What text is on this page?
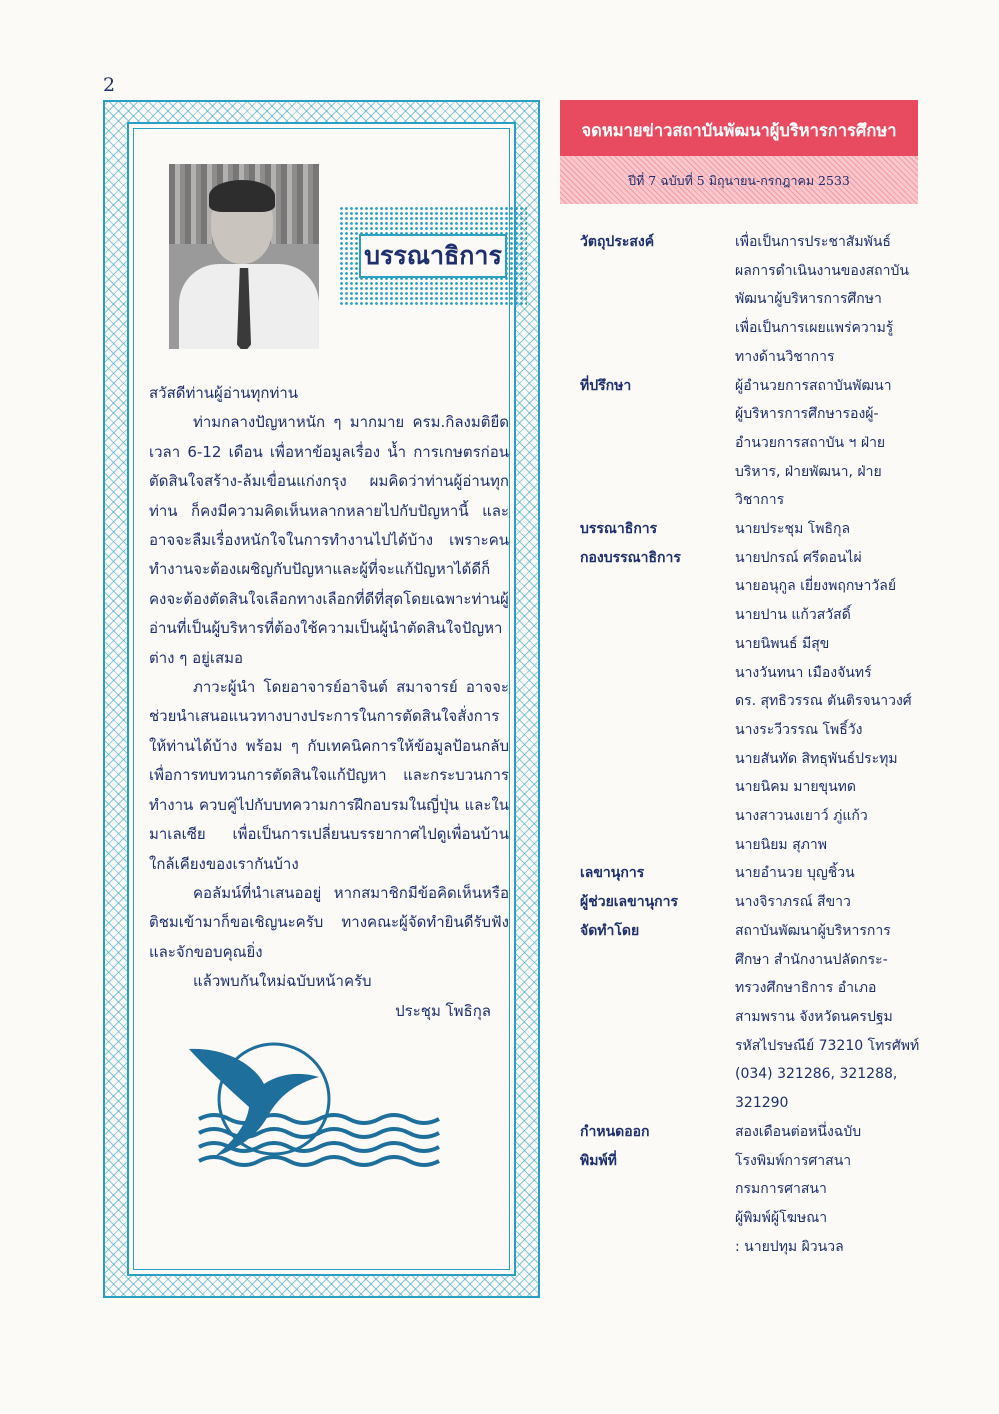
2
บรรณาธิการ

สวัสดีท่านผู้อ่านทุกท่าน

ท่ามกลางปัญหาหนัก ๆ มากมาย ครม.กิลงมติยืดเวลา 6-12 เดือน เพื่อหาข้อมูลเรื่อง น้ำ การเกษตรก่อนตัดสินใจสร้าง-ล้มเขื่อนแก่งกรุง ผมคิดว่าท่านผู้อ่านทุกท่าน ก็คงมีความคิดเห็นหลากหลายไปกับปัญหานี้ และอาจจะลืมเรื่องหนักใจในการทำงานไปได้บ้าง เพราะคนทำงานจะต้องเผชิญกับปัญหาและผู้ที่จะแก้ปัญหาได้ดีก็คงจะต้องตัดสินใจเลือกทางเลือกที่ดีที่สุดโดยเฉพาะท่านผู้อ่านที่เป็นผู้บริหารที่ต้องใช้ความเป็นผู้นำตัดสินใจปัญหาต่าง ๆ อยู่เสมอ

ภาวะผู้นำ โดยอาจารย์อาจินต์ สมาจารย์ อาจจะช่วยนำเสนอแนวทางบางประการในการตัดสินใจสั่งการให้ท่านได้บ้าง พร้อม ๆ กับเทคนิคการให้ข้อมูลป้อนกลับ เพื่อการทบทวนการตัดสินใจแก้ปัญหา และกระบวนการทำงาน ควบคู่ไปกับบทความการฝึกอบรมในญี่ปุ่น และในมาเลเซีย เพื่อเป็นการเปลี่ยนบรรยากาศไปดูเพื่อนบ้านใกล้เคียงของเรากันบ้าง

คอลัมน์ที่นำเสนออยู่ หากสมาชิกมีข้อคิดเห็นหรือติชมเข้ามาก็ขอเชิญนะครับ ทางคณะผู้จัดทำยินดีรับฟังและจักขอบคุณยิ่ง

แล้วพบกันใหม่ฉบับหน้าครับ

ประชุม โพธิกุล

จดหมายข่าวสถาบันพัฒนาผู้บริหารการศึกษา
ปีที่ 7 ฉบับที่ 5 มิถุนายน-กรกฎาคม 2533
วัตถุประสงค์	เพื่อเป็นการประชาสัมพันธ์
ผลการดำเนินงานของสถาบัน
พัฒนาผู้บริหารการศึกษา
เพื่อเป็นการเผยแพร่ความรู้
ทางด้านวิชาการ
ที่ปรึกษา	ผู้อำนวยการสถาบันพัฒนา
ผู้บริหารการศึกษารองผู้-
อำนวยการสถาบัน ฯ ฝ่าย
บริหาร, ฝ่ายพัฒนา, ฝ่าย
วิชาการ
บรรณาธิการ	นายประชุม โพธิกุล
กองบรรณาธิการ	นายปกรณ์ ศรีดอนไผ่
นายอนุกูล เยี่ยงพฤกษาวัลย์
นายปาน แก้วสวัสดิ์
นายนิพนธ์ มีสุข
นางวันทนา เมืองจันทร์
ดร. สุทธิวรรณ ตันติรจนาวงศ์
นางระวีวรรณ โพธิ์วัง
นายสันทัด สิทธุพันธ์ประทุม
นายนิคม มายขุนทด
นางสาวนงเยาว์ ภู่แก้ว
นายนิยม สุภาพ
เลขานุการ	นายอำนวย บุญชิ้วน
ผู้ช่วยเลขานุการ	นางจิราภรณ์ สีขาว
จัดทำโดย	สถาบันพัฒนาผู้บริหารการ
ศึกษา สำนักงานปลัดกระ-
ทรวงศึกษาธิการ อำเภอ
สามพราน จังหวัดนครปฐม
รหัสไปรษณีย์ 73210 โทรศัพท์
(034) 321286, 321288,
321290
กำหนดออก	สองเดือนต่อหนึ่งฉบับ
พิมพ์ที่	โรงพิมพ์การศาสนา
กรมการศาสนา
ผู้พิมพ์ผู้โฆษณา
: นายปทุม ผิวนวล
